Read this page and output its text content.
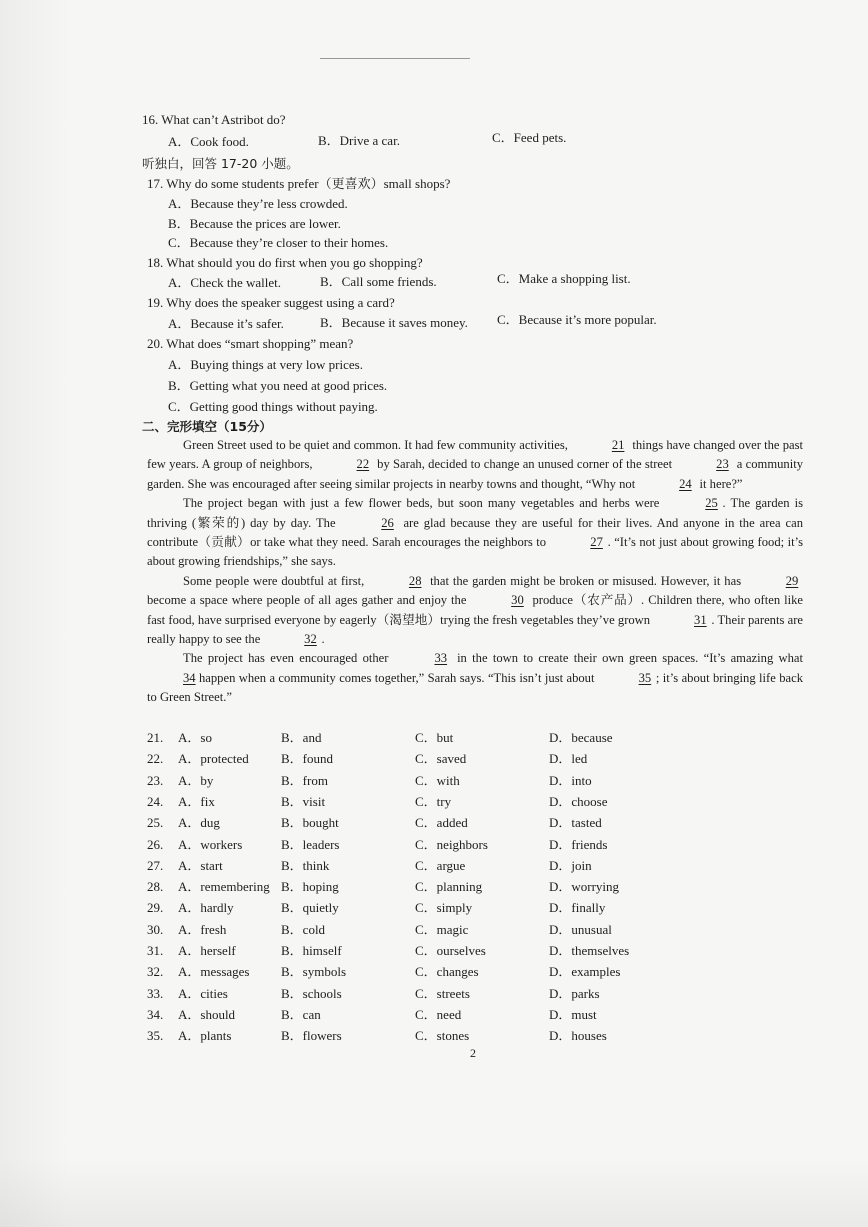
16. What can’t Astribot do?
A．Cook food.	B．Drive a car.	C．Feed pets.
听独白，回答 17-20 小题。
17. Why do some students prefer（更喜欢）small shops?
A．Because they’re less crowded.
B．Because the prices are lower.
C．Because they’re closer to their homes.
18. What should you do first when you go shopping?
A．Check the wallet.	B．Call some friends.	C．Make a shopping list.
19. Why does the speaker suggest using a card?
A．Because it’s safer.	B．Because it saves money. C．Because it’s more popular.
20. What does “smart shopping” mean?
A．Buying things at very low prices.
B．Getting what you need at good prices.
C．Getting good things without paying.
二、完形填空（15分）

Green Street used to be quiet and common. It had few community activities,	21 things have changed over the past few years. A group of neighbors,	22 by Sarah, decided to change an unused corner of the street	23 a community garden. She was encouraged after seeing similar projects in nearby towns and thought, “Why not	24 it here?”

The project began with just a few flower beds, but soon many vegetables and herbs were	25 . The garden is thriving (繁荣的) day by day. The	26 are glad because they are useful for their lives. And anyone in the area can contribute（贡献）or take what they need. Sarah encourages the neighbors to	27 . “It’s not just about growing food; it’s about growing friendships,” she says.

Some people were doubtful at first,	28 that the garden might be broken or misused. However, it has	29 become a space where people of all ages gather and enjoy the	30 produce（农产品）. Children there, who often like fast food, have surprised everyone by eagerly（渴望地）trying the fresh vegetables they’ve grown	31 . Their parents are really happy to see the	32 .

The project has even encouraged other	33 in the town to create their own green spaces. “It’s amazing what 34 happen when a community comes together,” Sarah says. “This isn’t just about	35 ; it’s about bringing life back to Green Street.”

21. A．so	B．and	C．but	D．because
22. A．protected B．found	C．saved	D．led
23. A．by	B．from	C．with	D．into
24. A．fix	B．visit	C．try	D．choose
25. A．dug	B．bought	C．added	D．tasted
26. A．workers	B．leaders	C．neighbors	D．friends
27. A．start	B．think	C．argue	D．join
28. A．remembering B．hoping	C．planning	D．worrying
29. A．hardly	B．quietly	C．simply	D．finally
30. A．fresh	B．cold	C．magic	D．unusual
31. A．herself	B．himself	C．ourselves	D．themselves
32. A．messages B．symbols	C．changes	D．examples
33. A．cities	B．schools	C．streets	D．parks
34. A．should	B．can	C．need	D．must
35. A．plants	B．flowers	C．stones	D．houses
2
